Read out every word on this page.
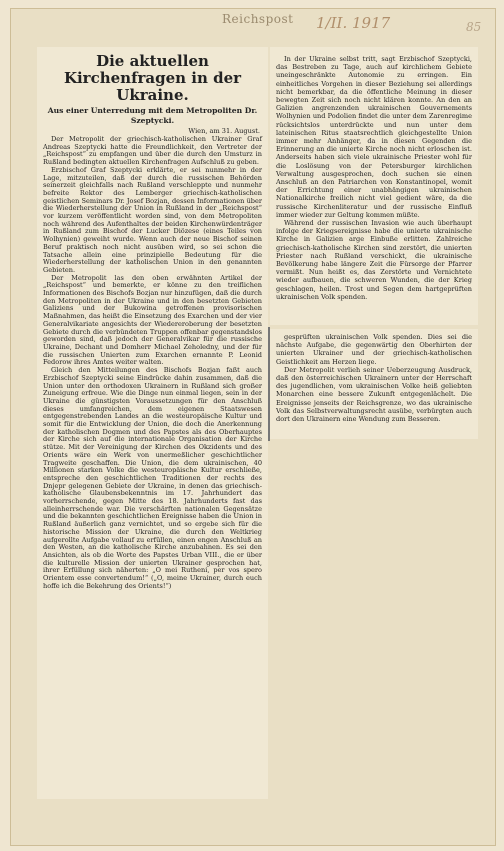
Reichspost 1/II. 1917	85
Die aktuellen Kirchenfragen in der Ukraine.
Aus einer Unterredung mit dem Metropoliten Dr. Szeptycki.
Wien, am 31. August.

Der Metropolit der griechisch-katholischen Ukrainer Graf Andreas Szeptycki hatte die Freundlichkeit, den Vertreter der „Reichspost“ zu empfangen und über die durch den Umsturz in Rußland bedingten aktuellen Kirchenfragen Aufschluß zu geben.

Erzbischof Graf Szeptycki erklärte, er sei nunmehr in der Lage, mitzuteilen, daß der durch die russischen Behörden seinerzeit gleichfalls nach Rußland verschleppte und nunmehr befreite Rektor des Lemberger griechisch-katholischen geistlichen Seminars Dr. Josef Bozjan, dessen Informationen über die Wiederherstellung der Union in Rußland in der „Reichspost“ vor kurzem veröffentlicht worden sind, von dem Metropoliten noch während des Aufenthaltes der beiden Kirchenwürdenträger in Rußland zum Bischof der Lucker Diözese (eines Teiles von Wolhynien) geweiht wurde. Wenn auch der neue Bischof seinen Beruf praktisch noch nicht ausüben wird, so sei schon die Tatsache allein eine prinzipielle Bedeutung für die Wiederherstellung der katholischen Union in den genannten Gebieten.

Der Metropolit las den oben erwähnten Artikel der „Reichspost“ und bemerkte, er könne zu den treiflichen Informationen des Bischofs Bozjan nur hinzufügen, daß die durch den Metropoliten in der Ukraine und in den besetzten Gebieten Galiziens und der Bukowina getroffenen provisorischen Maßnahmen, das heißt die Einsetzung des Exarchen und der vier Generalvikariate angesichts der Wiedereroberung der besetzten Gebiete durch die verbündeten Truppen offenbar gegenstandslos geworden sind, daß jedoch der Generalvikar für die russische Ukraine, Dechant und Domherr Michael Zeholedny, und der für die russischen Unierten zum Exarchen ernannte P. Leonid Fedorow ihres Amtes weiter walten.

Gleich den Mitteilungen des Bischofs Bozjan faßt auch Erzbischof Szeptycki seine Eindrücke dahin zusammen, daß die Union unter den orthodoxen Ukrainern in Rußland sich großer Zuneigung erfreue. Wie die Dinge nun einmal liegen, sein in der Ukraine die günstigsten Voraussetzungen für den Anschluß dieses umfangreichen, dem eigenen Staatswesen entgegenstrebenden Landes an die westeuropäische Kultur und somit für die Entwicklung der Union, die doch die Anerkennung der katholischen Dogmen und des Papstes als des Oberhauptes der Kirche sich auf die internationale Organisation der Kirche stütze. Mit der Vereinigung der Kirchen des Okzidents und des Orients wäre ein Werk von unermeßlicher geschichtlicher Tragweite geschaffen. Die Union, die dem ukrainischen, 40 Millionen starken Volke die westeuropäische Kultur erschließe, entspreche den geschichtlichen Traditionen der rechts des Dnjepr gelegenen Gebiete der Ukraine, in denen das griechisch-katholische Glaubensbekenntnis im 17. Jahrhundert das vorherrschende, gegen Mitte des 18. Jahrhunderts fast das alleinherrschende war. Die verschärften nationalen Gegensätze und die bekannten geschichtlichen Ereignisse haben die Union in Rußland äußerlich ganz vernichtet, und so ergebe sich für die historische Mission der Ukraine, die durch den Weltkrieg aufgerollte Aufgabe vollauf zu erfüllen, einen engen Anschluß an den Westen, an die katholische Kirche anzubahnen. Es sei den Ansichten, als ob die Worte des Papstes Urban VIII., die er über die kulturelle Mission der unierten Ukrainer gesprochen hat, ihrer Erfüllung sich näherten: „O mei Rutheni, per vos spero Orientem esse convertendum!“ („O, meine Ukrainer, durch euch hoffe ich die Bekehrung des Orients!“)

In der Ukraine selbst tritt, sagt Erzbischof Szeptycki, das Bestreben zu Tage, auch auf kirchlichem Gebiete uneingeschränkte Autonomie zu erringen. Ein einheitliches Vorgehen in dieser Beziehung sei allerdings nicht bemerkbar, da die öffentliche Meinung in dieser bewegten Zeit sich noch nicht klären konnte. An den an Galizien angrenzenden ukrainischen Gouvernements Wolhynien und Podolien findet die unter dem Zarenregime rücksichtslos unterdrückte und nun unter dem lateinischen Ritus staatsrechtlich gleichgestellte Union immer mehr Anhänger, da in diesen Gegenden die Erinnerung an die unierte Kirche noch nicht erloschen ist. Anderseits haben sich viele ukrainische Priester wohl für die Loslösung von der Petersburger kirchlichen Verwaltung ausgesprochen, doch suchen sie einen Anschluß an den Patriarchen von Konstantinopel, womit der Errichtung einer unabhängigen ukrainischen Nationalkirche freilich nicht viel gedient wäre, da die russische Kirchenliteratur und der russische Einfluß immer wieder zur Geltung kommen müßte.

Während der russischen Invasion wie auch überhaupt infolge der Kriegsereignisse habe die unierte ukrainische Kirche in Galizien arge Einbuße erlitten. Zahlreiche griechisch-katholische Kirchen sind zerstört, die unierten Priester nach Rußland verschickt, die ukrainische Bevölkerung habe längere Zeit die Fürsorge der Pfarrer vermißt. Nun heißt es, das Zerstörte und Vernichtete wieder aufbauen, die schweren Wunden, die der Krieg geschlagen, heilen. Trost und Segen dem hartgeprüften ukrainischen Volk spenden.

gesprüften ukrainischen Volk spenden. Dies sei die nächste Aufgabe, die gegenwärtig den Oberhirten der unierten Ukrainer und der griechisch-katholischen Geistlichkeit am Herzen liege.

Der Metropolit verlieh seiner Ueberzeugung Ausdruck, daß den österreichischen Ukrainern unter der Herrschaft des jugendlichen, vom ukrainischen Volke heiß geliebten Monarchen eine bessere Zukunft entgegenlächelt. Die Ereignisse jenseits der Reichsgrenze, wo das ukrainische Volk das Selbstverwaltungsrecht ausübe, verbürgten auch dort den Ukrainern eine Wendung zum Besseren.
